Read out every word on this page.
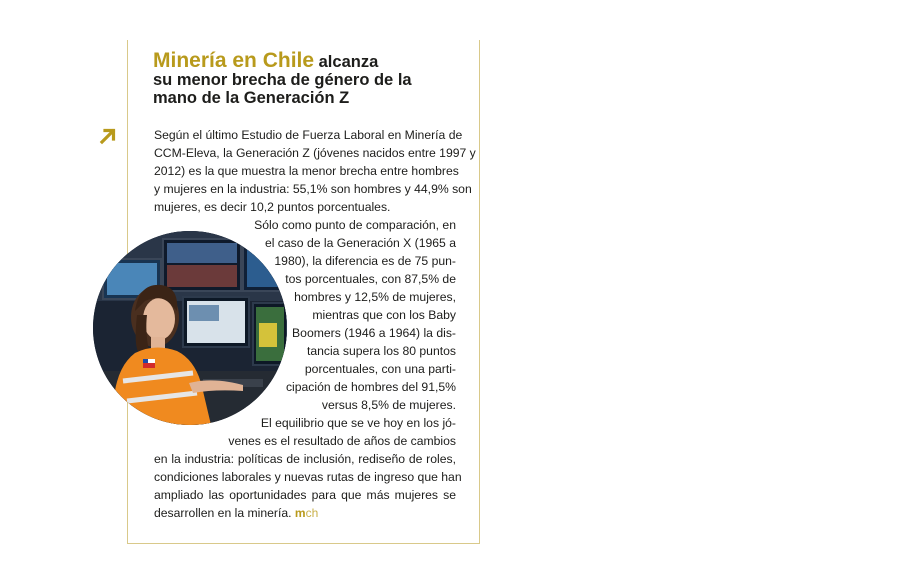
Minería en Chile alcanza
su menor brecha de género de la
mano de la Generación Z
Según el último Estudio de Fuerza Laboral en Minería de
CCM-Eleva, la Generación Z (jóvenes nacidos entre 1997 y
2012) es la que muestra la menor brecha entre hombres
y mujeres en la industria: 55,1% son hombres y 44,9% son
mujeres, es decir 10,2 puntos porcentuales.
Sólo como punto de comparación, en
el caso de la Generación X (1965 a
1980), la diferencia es de 75 pun-
tos porcentuales, con 87,5% de
hombres y 12,5% de mujeres,
mientras que con los Baby
Boomers (1946 a 1964) la dis-
tancia supera los 80 puntos
porcentuales, con una parti-
cipación de hombres del 91,5%
versus 8,5% de mujeres.
El equilibrio que se ve hoy en los jó-
venes es el resultado de años de cambios
en la industria: políticas de inclusión, rediseño de roles,
condiciones laborales y nuevas rutas de ingreso que han
ampliado las oportunidades para que más mujeres se
desarrollen en la minería. mch
